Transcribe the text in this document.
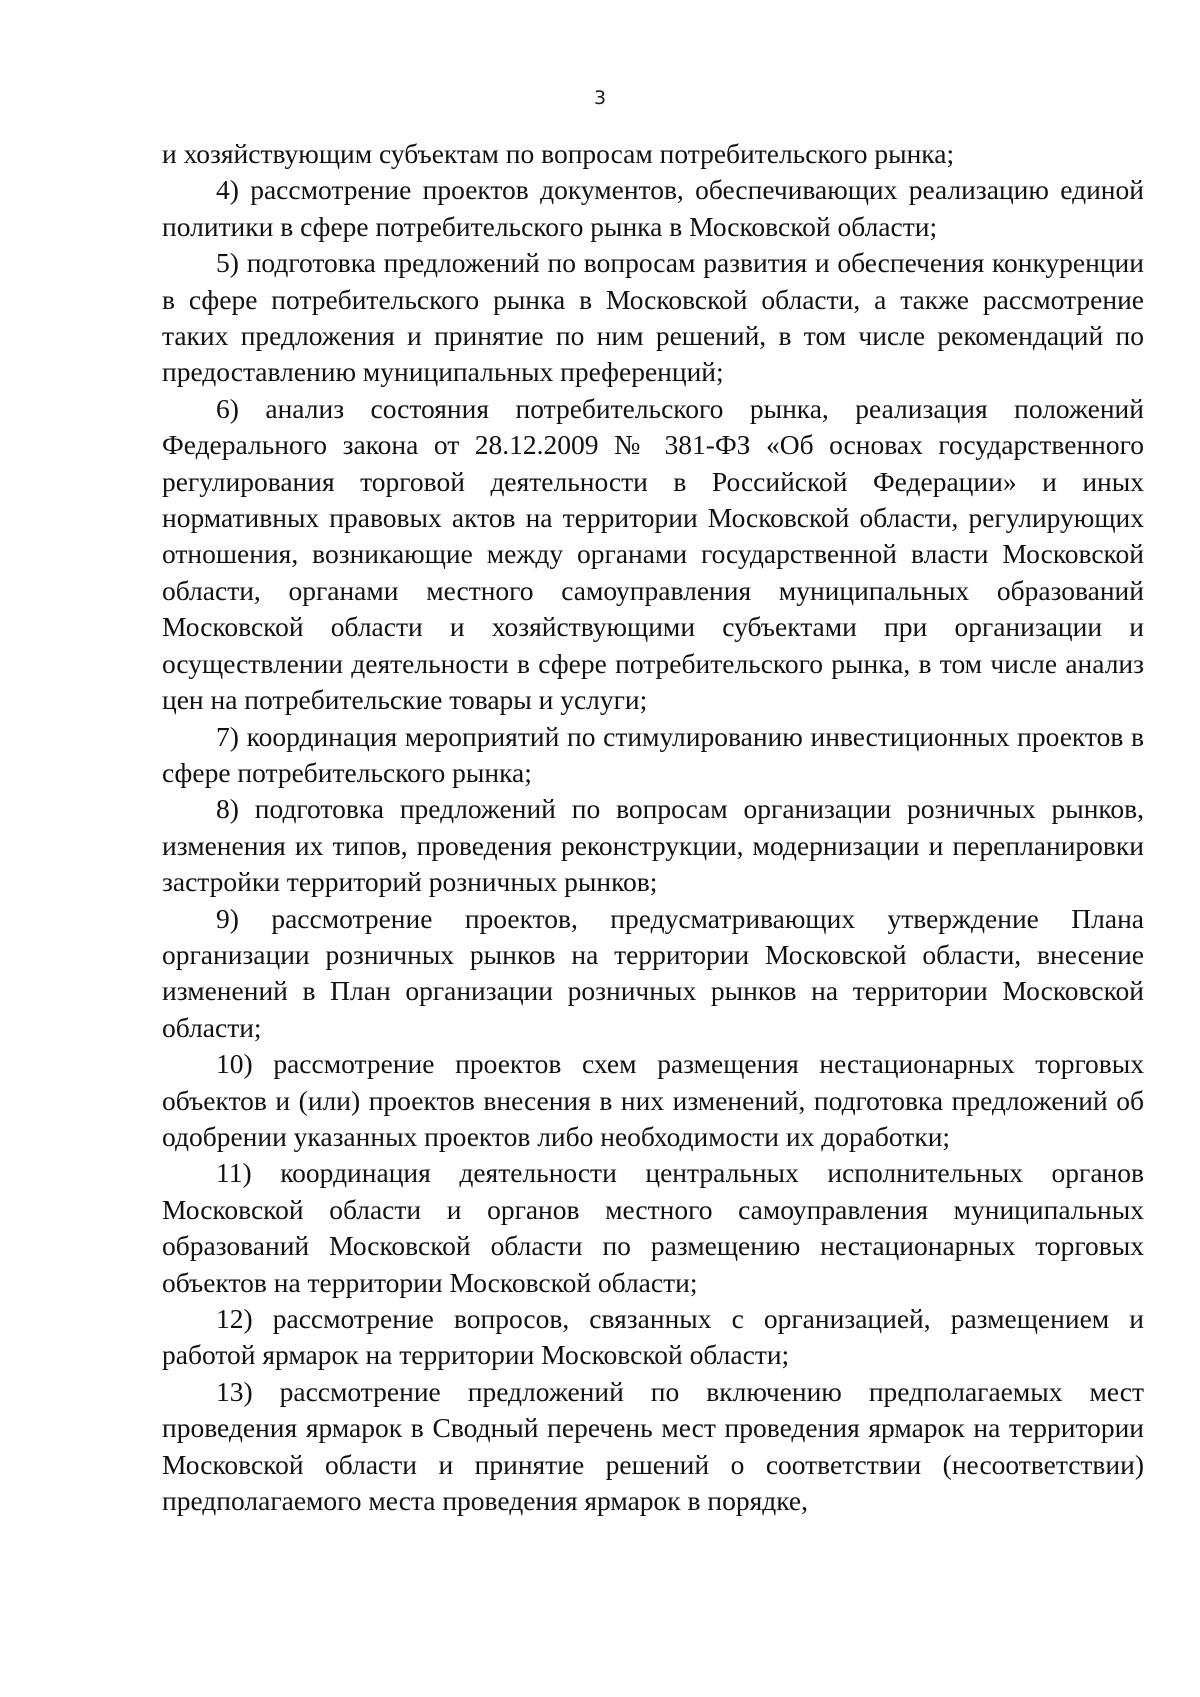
3

и хозяйствующим субъектам по вопросам потребительского рынка;

4) рассмотрение проектов документов, обеспечивающих реализацию единой политики в сфере потребительского рынка в Московской области;

5) подготовка предложений по вопросам развития и обеспечения конкуренции в сфере потребительского рынка в Московской области, а также рассмотрение таких предложения и принятие по ним решений, в том числе рекомендаций по предоставлению муниципальных преференций;

6) анализ состояния потребительского рынка, реализация положений Федерального закона от 28.12.2009 № 381-ФЗ «Об основах государственного регулирования торговой деятельности в Российской Федерации» и иных нормативных правовых актов на территории Московской области, регулирующих отношения, возникающие между органами государственной власти Московской области, органами местного самоуправления муниципальных образований Московской области и хозяйствующими субъектами при организации и осуществлении деятельности в сфере потребительского рынка, в том числе анализ цен на потребительские товары и услуги;

7) координация мероприятий по стимулированию инвестиционных проектов в сфере потребительского рынка;

8) подготовка предложений по вопросам организации розничных рынков, изменения их типов, проведения реконструкции, модернизации и перепланировки застройки территорий розничных рынков;

9) рассмотрение проектов, предусматривающих утверждение Плана организации розничных рынков на территории Московской области, внесение изменений в План организации розничных рынков на территории Московской области;

10) рассмотрение проектов схем размещения нестационарных торговых объектов и (или) проектов внесения в них изменений, подготовка предложений об одобрении указанных проектов либо необходимости их доработки;

11) координация деятельности центральных исполнительных органов Московской области и органов местного самоуправления муниципальных образований Московской области по размещению нестационарных торговых объектов на территории Московской области;

12) рассмотрение вопросов, связанных с организацией, размещением и работой ярмарок на территории Московской области;

13) рассмотрение предложений по включению предполагаемых мест проведения ярмарок в Сводный перечень мест проведения ярмарок на территории Московской области и принятие решений о соответствии (несоответствии) предполагаемого места проведения ярмарок в порядке,
